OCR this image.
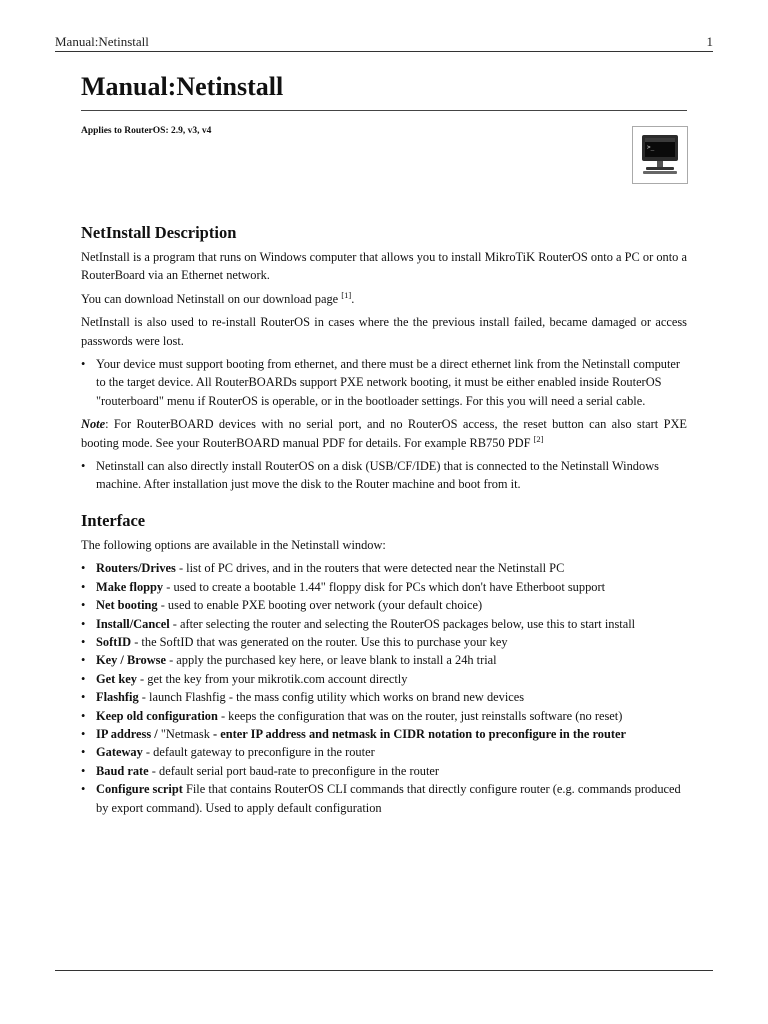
Manual:Netinstall	1
Manual:Netinstall
Applies to RouterOS: 2.9, v3, v4
>_
NetInstall Description

NetInstall is a program that runs on Windows computer that allows you to install MikroTiK RouterOS onto a PC or onto a RouterBoard via an Ethernet network.

You can download Netinstall on our download page [1].

NetInstall is also used to re-install RouterOS in cases where the the previous install failed, became damaged or access passwords were lost.

• Your device must support booting from ethernet, and there must be a direct ethernet link from the Netinstall computer to the target device. All RouterBOARDs support PXE network booting, it must be either enabled inside RouterOS "routerboard" menu if RouterOS is operable, or in the bootloader settings. For this you will need a serial cable.

Note: For RouterBOARD devices with no serial port, and no RouterOS access, the reset button can also start PXE booting mode. See your RouterBOARD manual PDF for details. For example RB750 PDF [2]

• Netinstall can also directly install RouterOS on a disk (USB/CF/IDE) that is connected to the Netinstall Windows machine. After installation just move the disk to the Router machine and boot from it.
Interface

The following options are available in the Netinstall window:

• Routers/Drives - list of PC drives, and in the routers that were detected near the Netinstall PC
• Make floppy - used to create a bootable 1.44" floppy disk for PCs which don't have Etherboot support
• Net booting - used to enable PXE booting over network (your default choice)
• Install/Cancel - after selecting the router and selecting the RouterOS packages below, use this to start install
• SoftID - the SoftID that was generated on the router. Use this to purchase your key
• Key / Browse - apply the purchased key here, or leave blank to install a 24h trial
• Get key - get the key from your mikrotik.com account directly
• Flashfig - launch Flashfig - the mass config utility which works on brand new devices
• Keep old configuration - keeps the configuration that was on the router, just reinstalls software (no reset)
• IP address / "Netmask - enter IP address and netmask in CIDR notation to preconfigure in the router
• Gateway - default gateway to preconfigure in the router
• Baud rate - default serial port baud-rate to preconfigure in the router
• Configure script File that contains RouterOS CLI commands that directly configure router (e.g. commands produced by export command). Used to apply default configuration
